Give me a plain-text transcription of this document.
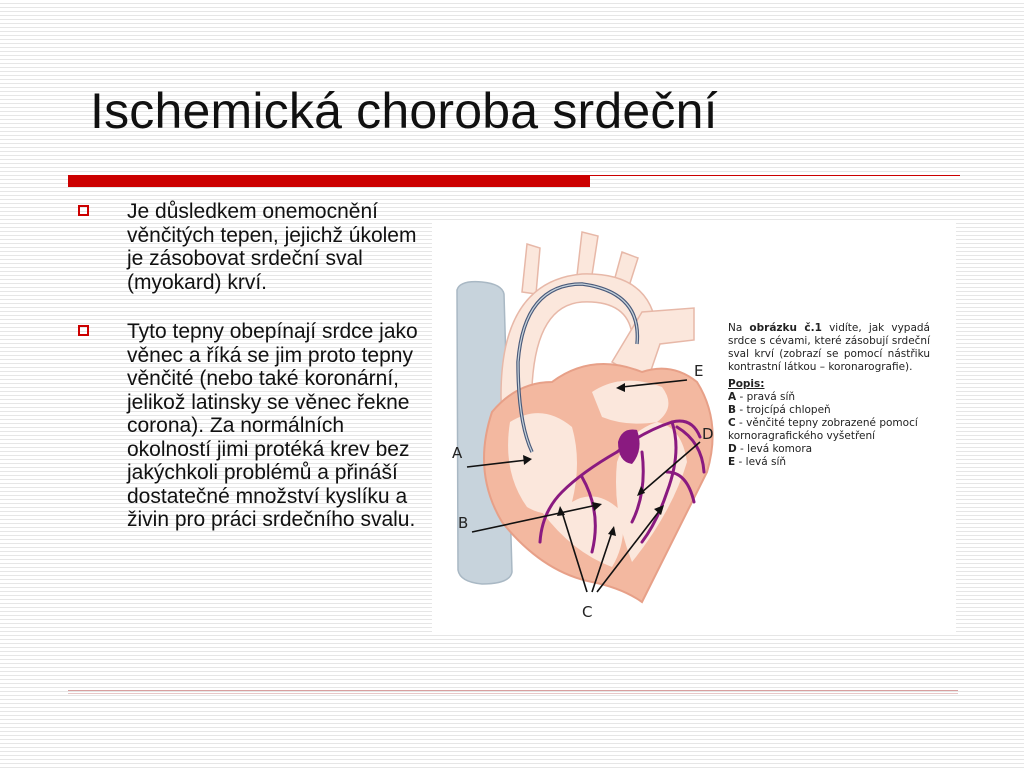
Ischemická choroba srdeční
Je důsledkem onemocnění věnčitých tepen, jejichž úkolem je zásobovat srdeční sval (myokard) krví.
Tyto tepny obepínají srdce jako věnec a říká se jim proto tepny věnčité (nebo také koronární, jelikož latinsky se věnec řekne corona). Za normálních okolností jimi protéká krev bez jakýchkoli problémů a přináší dostatečné množství kyslíku a živin pro práci srdečního svalu.
A
B
C
D
E

Na obrázku č.1 vidíte, jak vypadá srdce s cévami, které zásobují srdeční sval krví (zobrazí se pomocí nástřiku kontrastní látkou – koronarografie).

Popis:

A - pravá síň

B - trojcípá chlopeň

C - věnčité tepny zobrazené pomocí kornoragrafického vyšetření

D - levá komora

E - levá síň
